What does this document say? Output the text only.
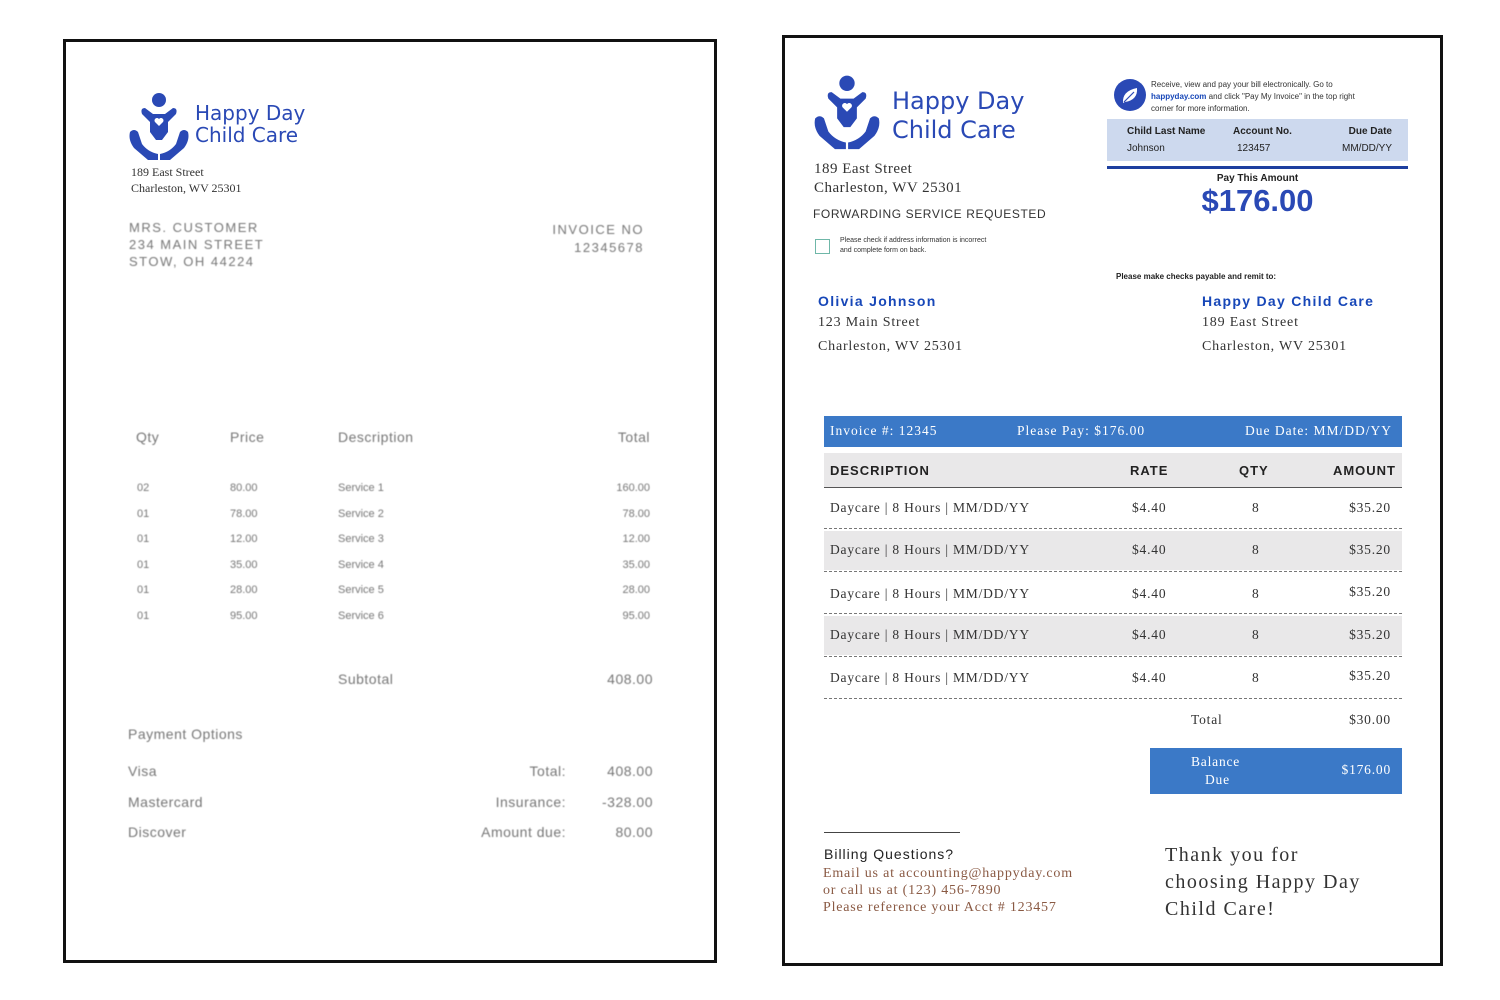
Happy Day
Child Care
189 East Street
Charleston, WV 25301
MRS. CUSTOMER
234 MAIN STREET
STOW, OH 44224
INVOICE NO
12345678
Qty	Price	Description	Total
02	80.00	Service 1	160.00
01	78.00	Service 2	78.00
01	12.00	Service 3	12.00
01	35.00	Service 4	35.00
01	28.00	Service 5	28.00
01	95.00	Service 6	95.00
Subtotal	408.00
Payment Options
Visa
Mastercard
Discover
Total:	408.00
Insurance:	-328.00
Amount due:	80.00
Happy Day
Child Care
189 East Street
Charleston, WV 25301
FORWARDING SERVICE REQUESTED
Please check if address information is incorrect
and complete form on back.
Receive, view and pay your bill electronically. Go to
happyday.com and click "Pay My Invoice" in the top right
corner for more information.
Child Last Name	Account No.	Due Date
Johnson	123457	MM/DD/YY
Pay This Amount
$176.00
Please make checks payable and remit to:
Olivia Johnson
123 Main Street
Charleston, WV 25301
Happy Day Child Care
189 East Street
Charleston, WV 25301
Invoice #: 12345	Please Pay: $176.00	Due Date: MM/DD/YY
DESCRIPTION	RATE	QTY	AMOUNT
Daycare | 8 Hours | MM/DD/YY	$4.40	8	$35.20
Daycare | 8 Hours | MM/DD/YY	$4.40	8	$35.20
Daycare | 8 Hours | MM/DD/YY	$4.40	8	$35.20
Daycare | 8 Hours | MM/DD/YY	$4.40	8	$35.20
Daycare | 8 Hours | MM/DD/YY	$4.40	8	$35.20
Total	$30.00
Balance
Due
$176.00
Billing Questions?
Email us at accounting@happyday.com
or call us at (123) 456-7890
Please reference your Acct # 123457
Thank you for
choosing Happy Day
Child Care!
